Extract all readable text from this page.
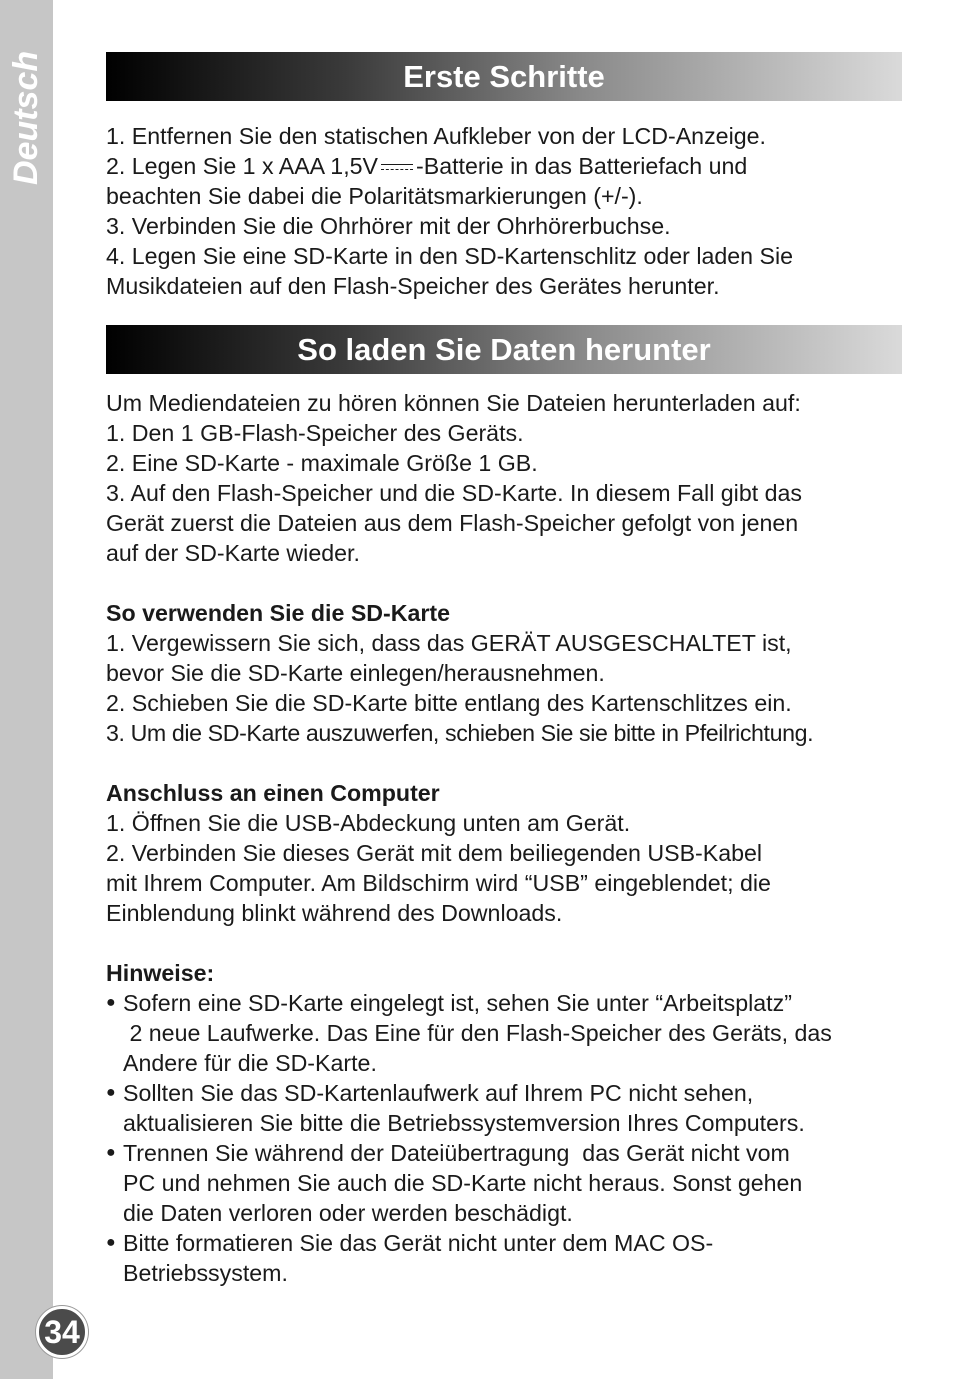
Deutsch
34
Erste Schritte

1. Entfernen Sie den statischen Aufkleber von der LCD-Anzeige.

2. Legen Sie 1 x AAA 1,5V -Batterie in das Batteriefach und

beachten Sie dabei die Polaritätsmarkierungen (+/-).

3. Verbinden Sie die Ohrhörer mit der Ohrhörerbuchse.

4. Legen Sie eine SD-Karte in den SD-Kartenschlitz oder laden Sie

Musikdateien auf den Flash-Speicher des Gerätes herunter.

So laden Sie Daten herunter

Um Mediendateien zu hören können Sie Dateien herunterladen auf:

1. Den 1 GB-Flash-Speicher des Geräts.

2. Eine SD-Karte - maximale Größe 1 GB.

3. Auf den Flash-Speicher und die SD-Karte. In diesem Fall gibt das

Gerät zuerst die Dateien aus dem Flash-Speicher gefolgt von jenen

auf der SD-Karte wieder.

So verwenden Sie die SD-Karte

1. Vergewissern Sie sich, dass das GERÄT AUSGESCHALTET ist,

bevor Sie die SD-Karte einlegen/herausnehmen.

2. Schieben Sie die SD-Karte bitte entlang des Kartenschlitzes ein.

3. Um die SD-Karte auszuwerfen, schieben Sie sie bitte in Pfeilrichtung.

Anschluss an einen Computer

1. Öffnen Sie die USB-Abdeckung unten am Gerät.

2. Verbinden Sie dieses Gerät mit dem beiliegenden USB-Kabel

mit Ihrem Computer. Am Bildschirm wird “USB” eingeblendet; die

Einblendung blinkt während des Downloads.

Hinweise:

● Sofern eine SD-Karte eingelegt ist, sehen Sie unter “Arbeitsplatz”
2 neue Laufwerke. Das Eine für den Flash-Speicher des Geräts, das
Andere für die SD-Karte.
● Sollten Sie das SD-Kartenlaufwerk auf Ihrem PC nicht sehen,
aktualisieren Sie bitte die Betriebssystemversion Ihres Computers.
● Trennen Sie während der Dateiübertragung  das Gerät nicht vom
PC und nehmen Sie auch die SD-Karte nicht heraus. Sonst gehen
die Daten verloren oder werden beschädigt.
● Bitte formatieren Sie das Gerät nicht unter dem MAC OS-
Betriebssystem.
